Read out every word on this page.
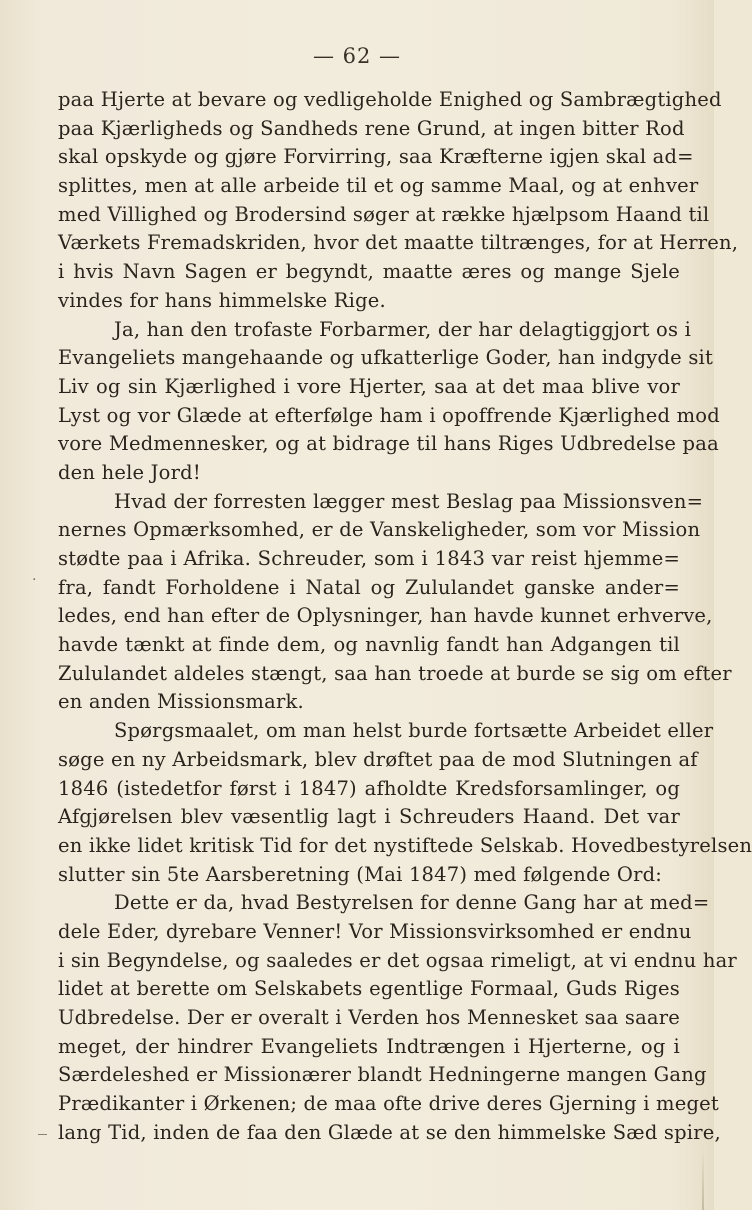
— 62 —
paa Hjerte at bevare og vedligeholde Enighed og Sambrægtighed
paa Kjærligheds og Sandheds rene Grund, at ingen bitter Rod
skal opskyde og gjøre Forvirring, saa Kræfterne igjen skal ad=
splittes, men at alle arbeide til et og samme Maal, og at enhver
med Villighed og Brodersind søger at række hjælpsom Haand til
Værkets Fremadskriden, hvor det maatte tiltrænges, for at Herren,
i hvis Navn Sagen er begyndt, maatte æres og mange Sjele
vindes for hans himmelske Rige.
Ja, han den trofaste Forbarmer, der har delagtiggjort os i
Evangeliets mangehaande og ufkatterlige Goder, han indgyde sit
Liv og sin Kjærlighed i vore Hjerter, saa at det maa blive vor
Lyst og vor Glæde at efterfølge ham i opoffrende Kjærlighed mod
vore Medmennesker, og at bidrage til hans Riges Udbredelse paa
den hele Jord!
Hvad der forresten lægger mest Beslag paa Missionsven=
nernes Opmærksomhed, er de Vanskeligheder, som vor Mission
stødte paa i Afrika. Schreuder, som i 1843 var reist hjemme=
fra, fandt Forholdene i Natal og Zululandet ganske ander=
ledes, end han efter de Oplysninger, han havde kunnet erhverve,
havde tænkt at finde dem, og navnlig fandt han Adgangen til
Zululandet aldeles stængt, saa han troede at burde se sig om efter
en anden Missionsmark.
Spørgsmaalet, om man helst burde fortsætte Arbeidet eller
søge en ny Arbeidsmark, blev drøftet paa de mod Slutningen af
1846 (istedetfor først i 1847) afholdte Kredsforsamlinger, og
Afgjørelsen blev væsentlig lagt i Schreuders Haand. Det var
en ikke lidet kritisk Tid for det nystiftede Selskab. Hovedbestyrelsen
slutter sin 5te Aarsberetning (Mai 1847) med følgende Ord:
Dette er da, hvad Bestyrelsen for denne Gang har at med=
dele Eder, dyrebare Venner! Vor Missionsvirksomhed er endnu
i sin Begyndelse, og saaledes er det ogsaa rimeligt, at vi endnu har
lidet at berette om Selskabets egentlige Formaal, Guds Riges
Udbredelse. Der er overalt i Verden hos Mennesket saa saare
meget, der hindrer Evangeliets Indtrængen i Hjerterne, og i
Særdeleshed er Missionærer blandt Hedningerne mangen Gang
Prædikanter i Ørkenen; de maa ofte drive deres Gjerning i meget
lang Tid, inden de faa den Glæde at se den himmelske Sæd spire,
.
